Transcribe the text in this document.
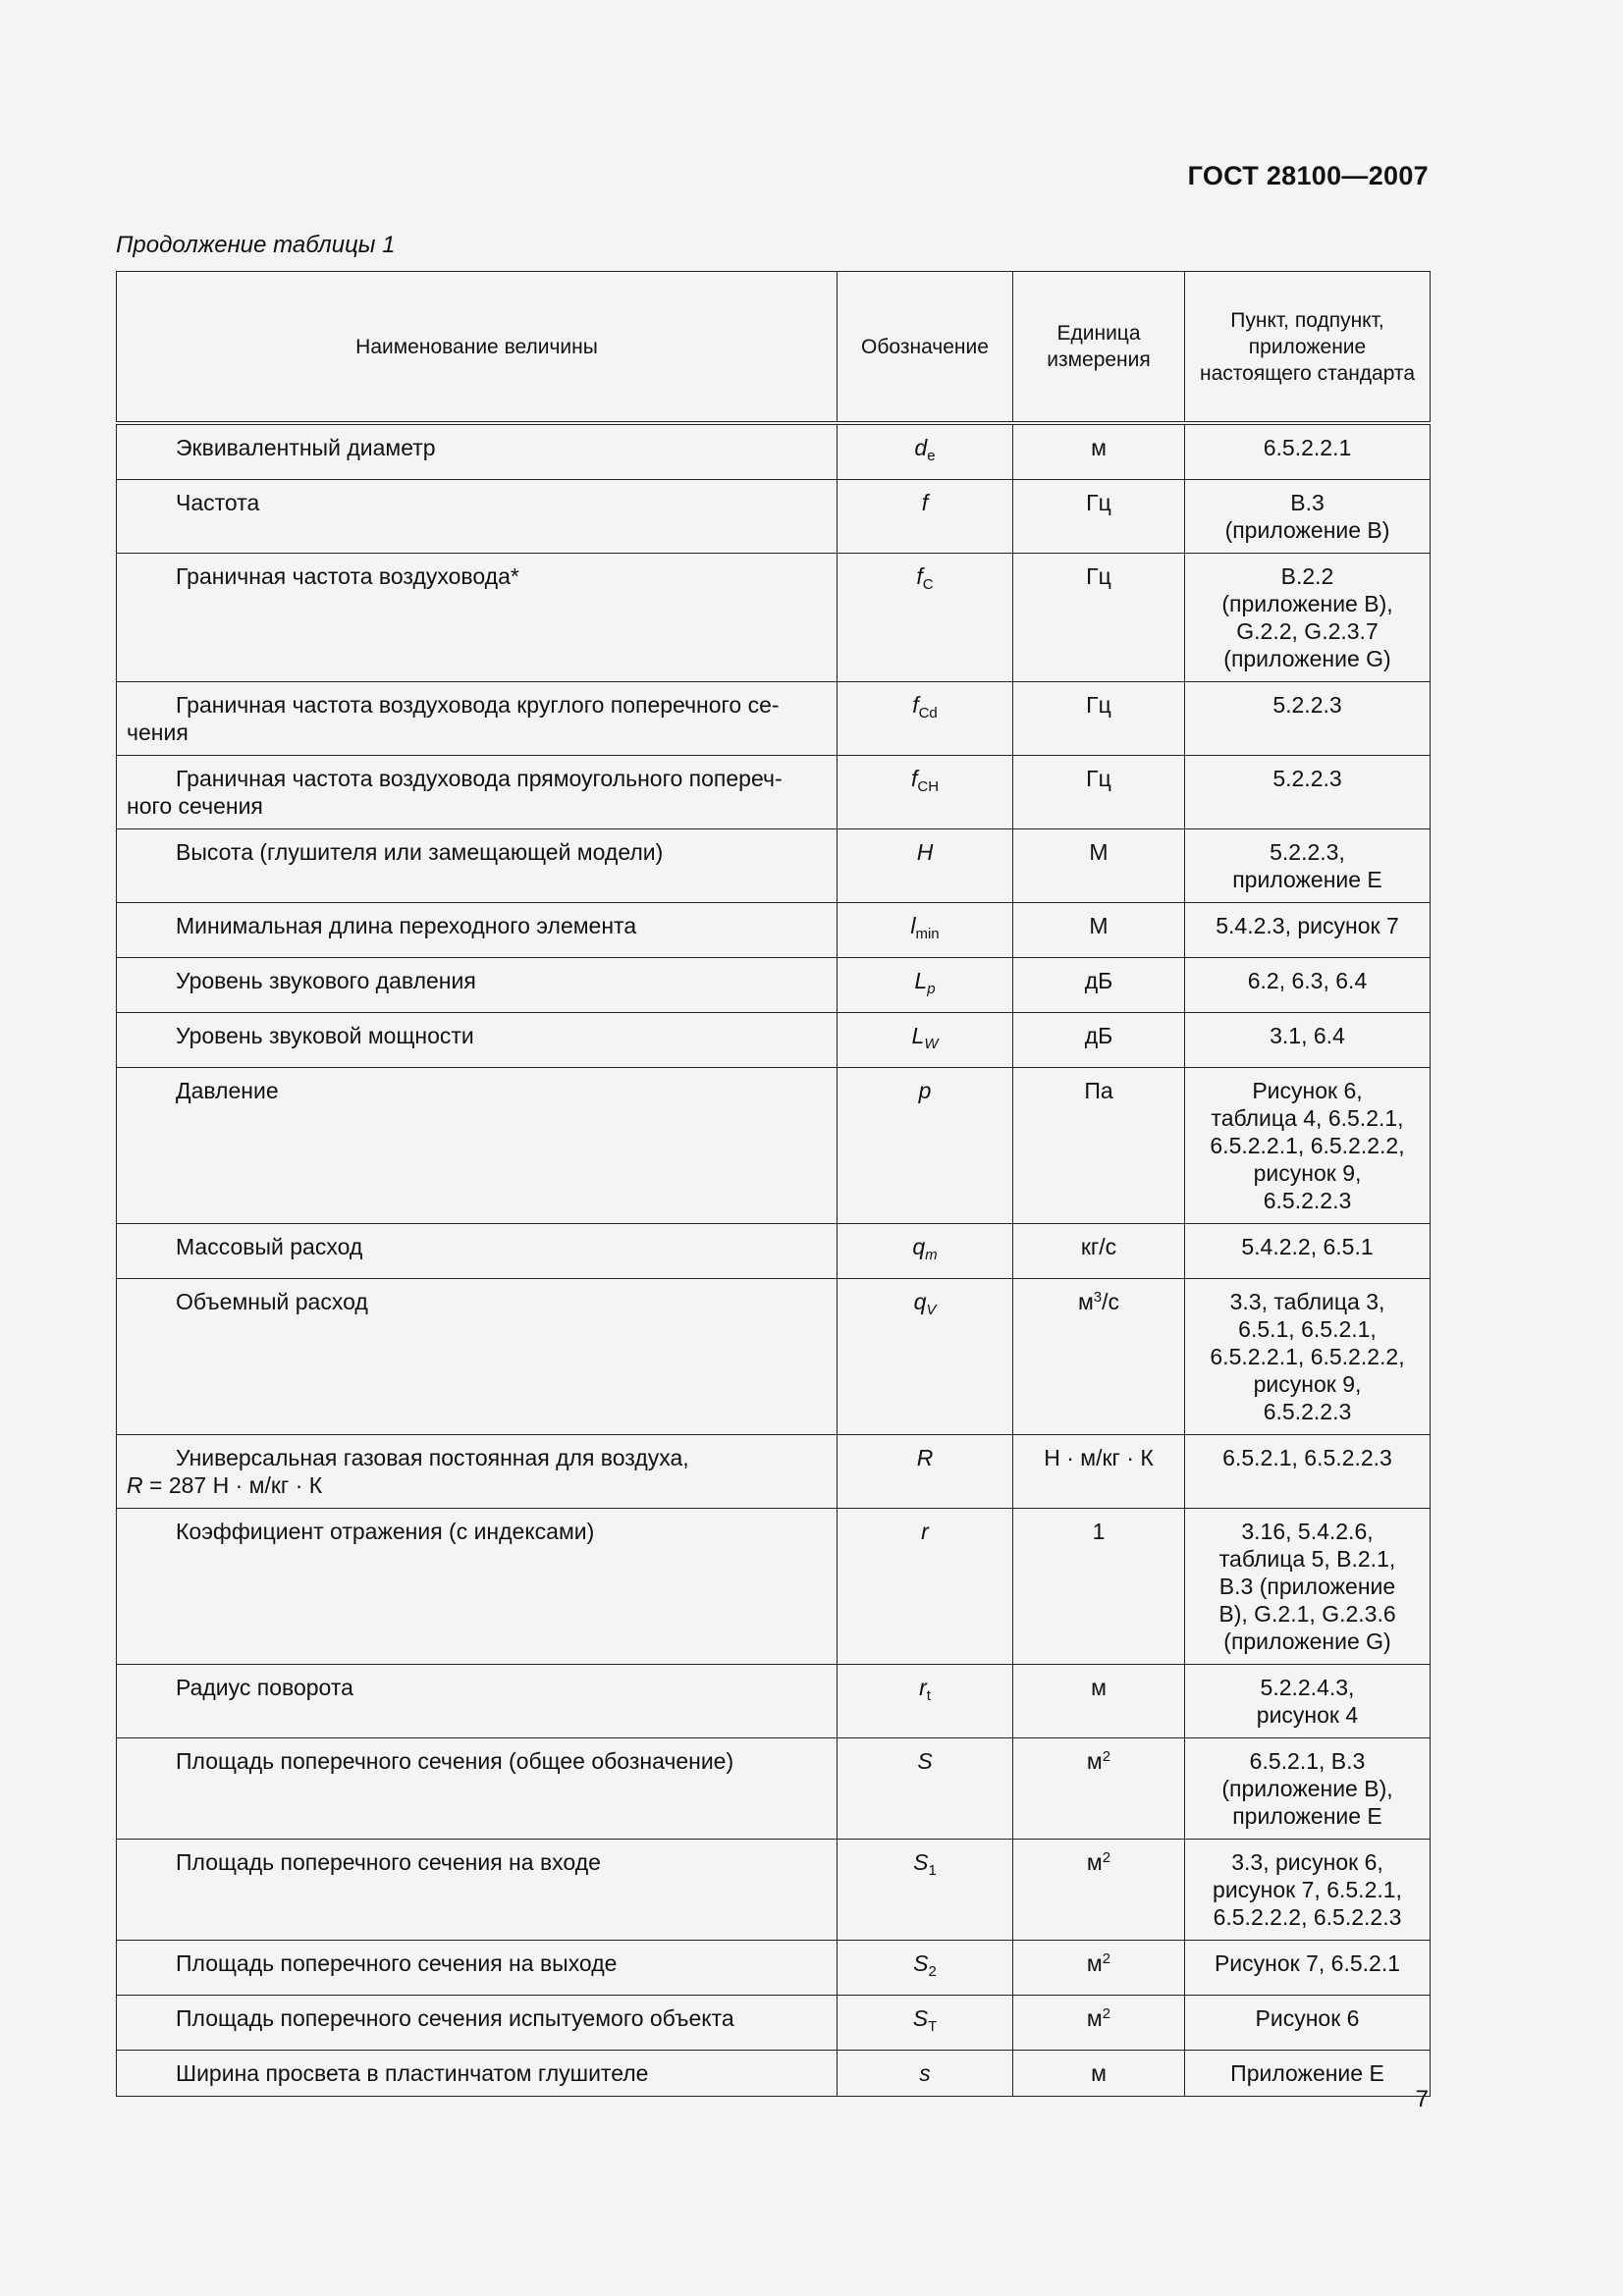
ГОСТ 28100—2007
Продолжение таблицы 1
Наименование величины	Обозначение	Единица измерения	Пункт, подпункт, приложение настоящего стандарта

Эквивалентный диаметр	$d_e$	м	6.5.2.2.1

Частота	f	Гц	В.3
(приложение В)

Граничная частота воздуховода*	$f_C$	Гц	В.2.2
(приложение В),
G.2.2, G.2.3.7
(приложение G)

Граничная частота воздуховода круглого поперечного се-
чения	$f_{Cd}$	Гц	5.2.2.3

Граничная частота воздуховода прямоугольного попереч-
ного сечения	$f_{CH}$	Гц	5.2.2.3

Высота (глушителя или замещающей модели)	H	М	5.2.2.3,
приложение Е

Минимальная длина переходного элемента	$l_{min}$	М	5.4.2.3, рисунок 7

Уровень звукового давления	$L_p$	дБ	6.2, 6.3, 6.4

Уровень звуковой мощности	$L_W$	дБ	3.1, 6.4

Давление	p	Па	Рисунок 6,
таблица 4, 6.5.2.1,
6.5.2.2.1, 6.5.2.2.2,
рисунок 9,
6.5.2.2.3

Массовый расход	$q_m$	кг/с	5.4.2.2, 6.5.1

Объемный расход	$q_V$	$м^3/с$	3.3, таблица 3,
6.5.1, 6.5.2.1,
6.5.2.2.1, 6.5.2.2.2,
рисунок 9,
6.5.2.2.3

Универсальная газовая постоянная для воздуха,
R = 287 Н · м/кг · К	R	Н · м/кг · К	6.5.2.1, 6.5.2.2.3

Коэффициент отражения (с индексами)	r	1	3.16, 5.4.2.6,
таблица 5, В.2.1,
В.3 (приложение
В), G.2.1, G.2.3.6
(приложение G)

Радиус поворота	$r_t$	м	5.2.2.4.3,
рисунок 4

Площадь поперечного сечения (общее обозначение)	S	$м^2$	6.5.2.1, В.3
(приложение В),
приложение Е

Площадь поперечного сечения на входе	$S_1$	$м^2$	3.3, рисунок 6,
рисунок 7, 6.5.2.1,
6.5.2.2.2, 6.5.2.2.3

Площадь поперечного сечения на выходе	$S_2$	$м^2$	Рисунок 7, 6.5.2.1

Площадь поперечного сечения испытуемого объекта	$S_T$	$м^2$	Рисунок 6

Ширина просвета в пластинчатом глушителе	s	м	Приложение Е
7
